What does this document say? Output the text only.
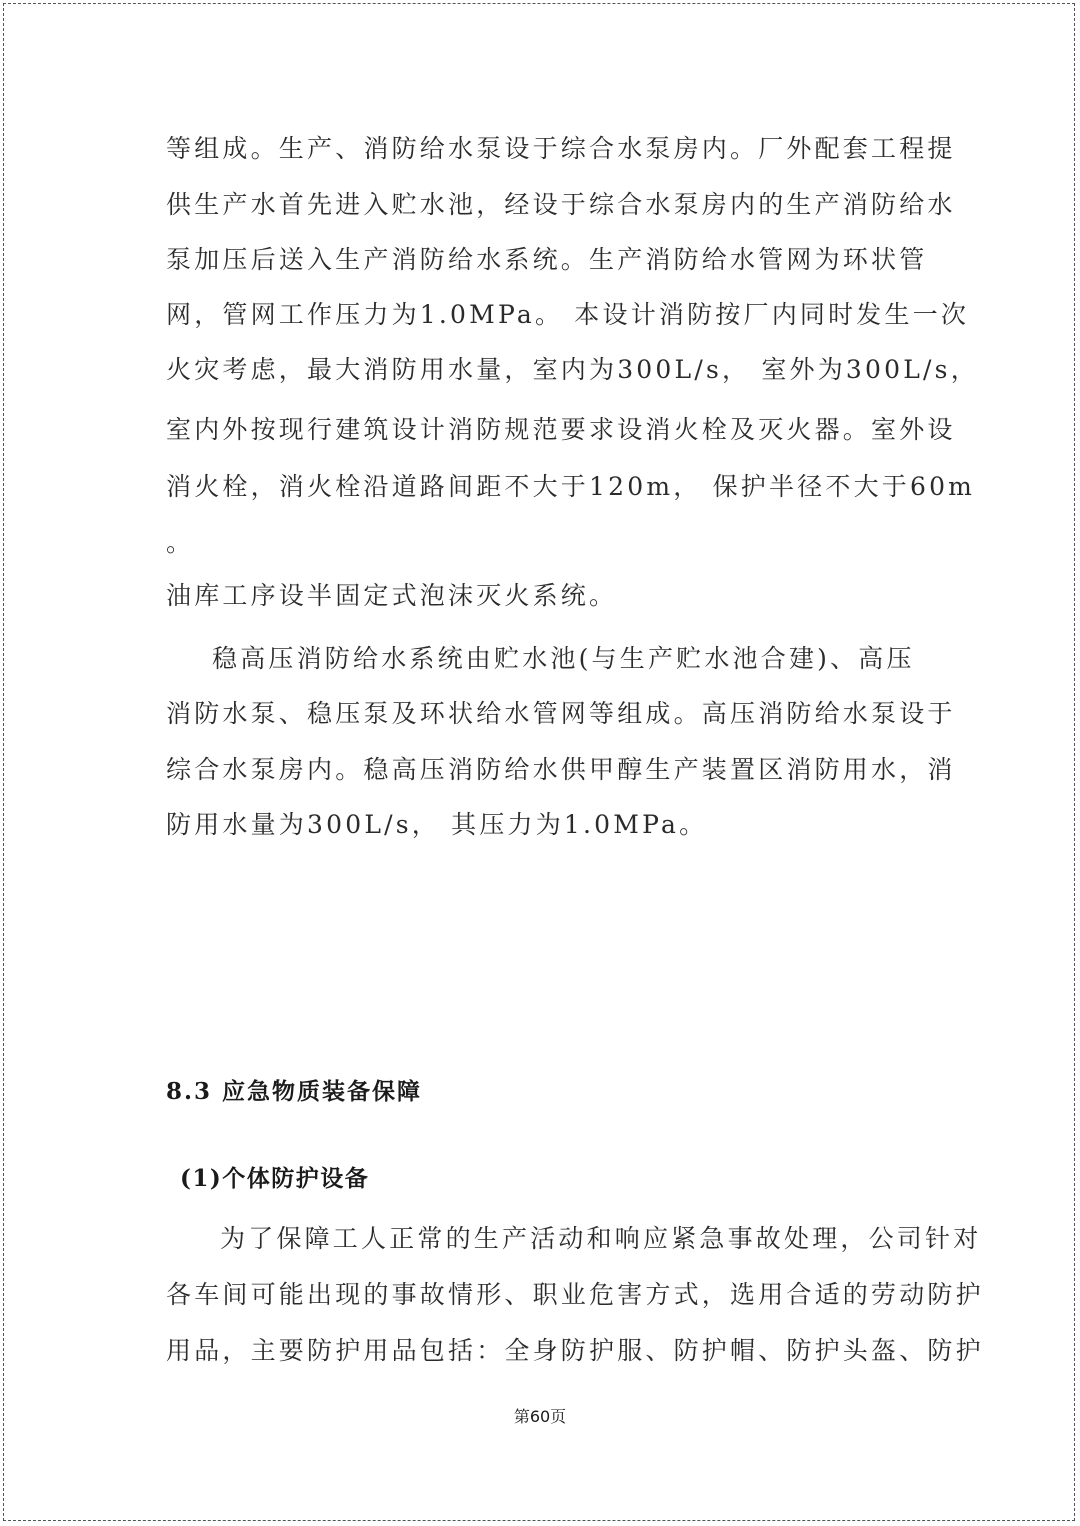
等组成。生产、消防给水泵设于综合水泵房内。厂外配套工程提
供生产水首先进入贮水池，经设于综合水泵房内的生产消防给水
泵加压后送入生产消防给水系统。生产消防给水管网为环状管
网，管网工作压力为1.0MPa。 本设计消防按厂内同时发生一次
火灾考虑，最大消防用水量，室内为300L/s， 室外为300L/s，
室内外按现行建筑设计消防规范要求设消火栓及灭火器。室外设
消火栓，消火栓沿道路间距不大于120m， 保护半径不大于60m
。
油库工序设半固定式泡沫灭火系统。
稳高压消防给水系统由贮水池(与生产贮水池合建)、高压
消防水泵、稳压泵及环状给水管网等组成。高压消防给水泵设于
综合水泵房内。稳高压消防给水供甲醇生产装置区消防用水，消
防用水量为300L/s， 其压力为1.0MPa。
8.3 应急物质装备保障
(1)个体防护设备
为了保障工人正常的生产活动和响应紧急事故处理，公司针对
各车间可能出现的事故情形、职业危害方式，选用合适的劳动防护
用品，主要防护用品包括：全身防护服、防护帽、防护头盔、防护
第60页
